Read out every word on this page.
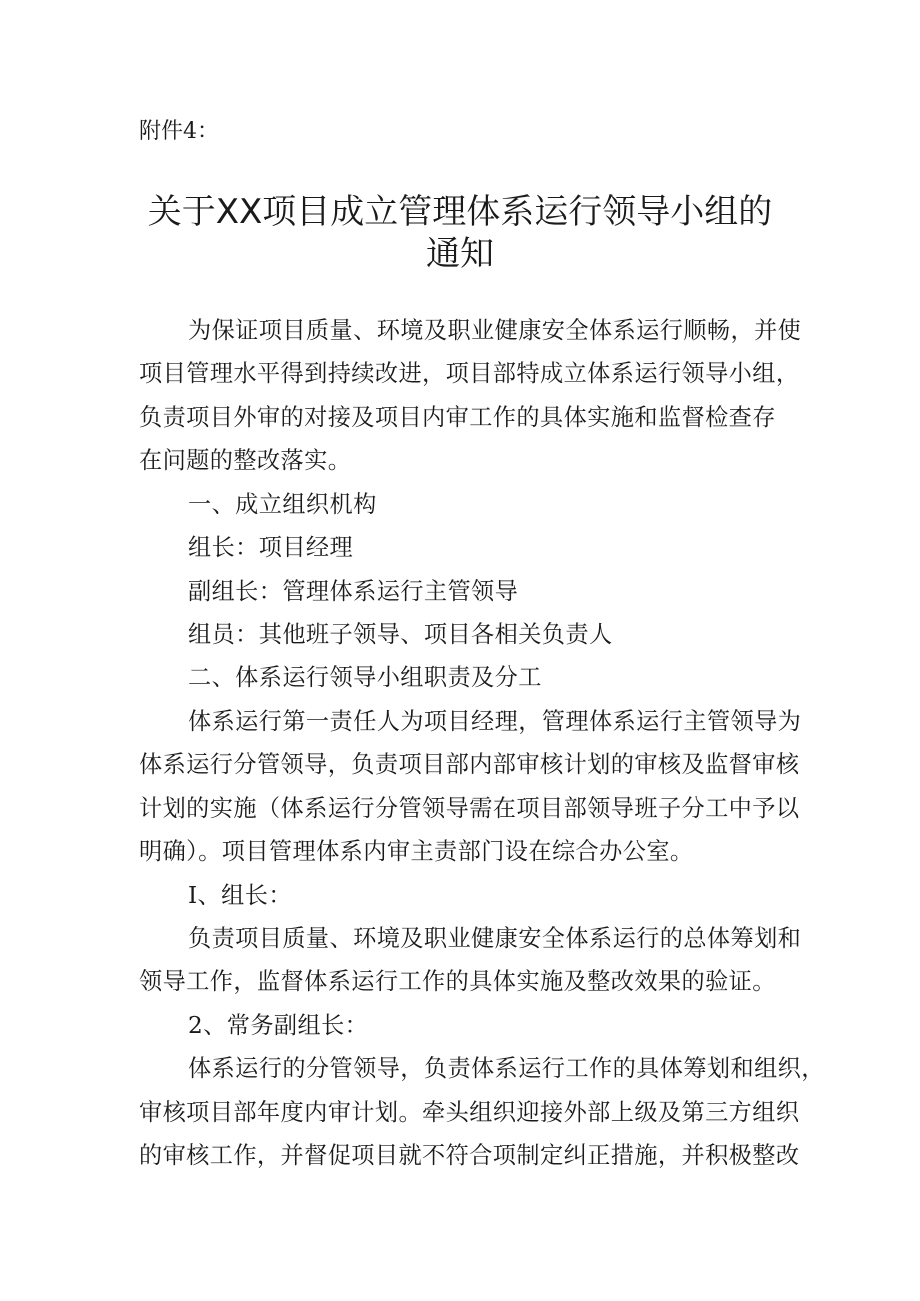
附件4：
关于XX项目成立管理体系运行领导小组的
通知
为保证项目质量、环境及职业健康安全体系运行顺畅，并使
项目管理水平得到持续改进，项目部特成立体系运行领导小组，
负责项目外审的对接及项目内审工作的具体实施和监督检查存
在问题的整改落实。
一、成立组织机构
组长：项目经理
副组长：管理体系运行主管领导
组员：其他班子领导、项目各相关负责人
二、体系运行领导小组职责及分工
体系运行第一责任人为项目经理，管理体系运行主管领导为
体系运行分管领导，负责项目部内部审核计划的审核及监督审核
计划的实施（体系运行分管领导需在项目部领导班子分工中予以
明确）。项目管理体系内审主责部门设在综合办公室。
I、组长：
负责项目质量、环境及职业健康安全体系运行的总体筹划和
领导工作，监督体系运行工作的具体实施及整改效果的验证。
2、常务副组长：
体系运行的分管领导，负责体系运行工作的具体筹划和组织，
审核项目部年度内审计划。牵头组织迎接外部上级及第三方组织
的审核工作，并督促项目就不符合项制定纠正措施，并积极整改
